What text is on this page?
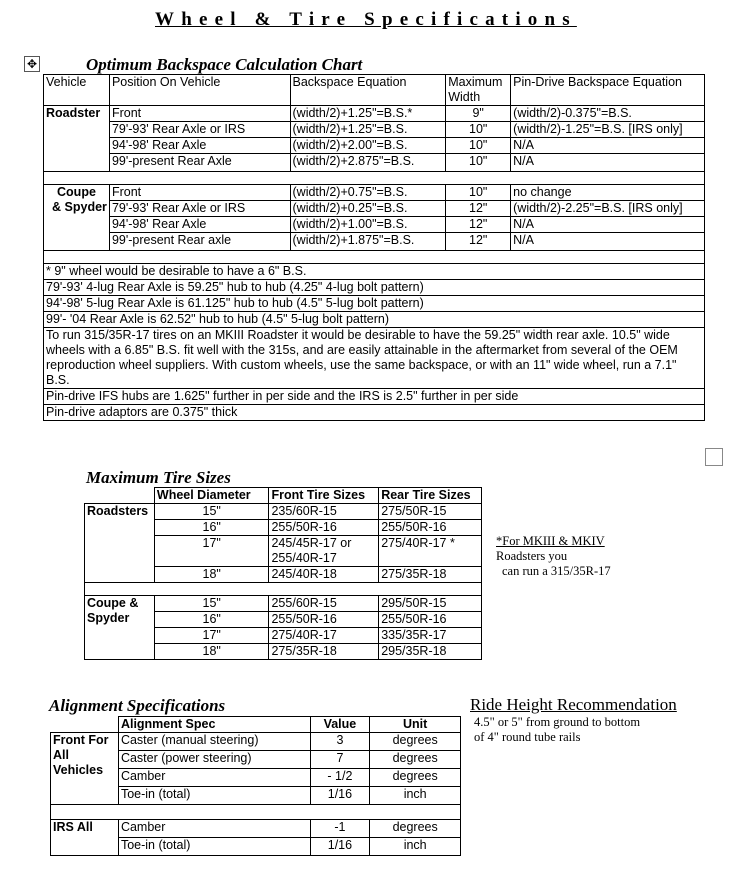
Wheel & Tire Specifications
✥	Optimum Backspace Calculation Chart
Vehicle	Position On Vehicle	Backspace Equation	Maximum Width	Pin-Drive Backspace Equation
Roadster	Front	(width/2)+1.25"=B.S.*	9"	(width/2)-0.375"=B.S.
	79'-93' Rear Axle or IRS	(width/2)+1.25"=B.S.	10"	(width/2)-1.25"=B.S. [IRS only]
	94'-98' Rear Axle	(width/2)+2.00"=B.S.	10"	N/A
	99'-present Rear Axle	(width/2)+2.875"=B.S.	10"	N/A

Coupe
& Spyder	Front	(width/2)+0.75"=B.S.	10"	no change
	79'-93' Rear Axle or IRS	(width/2)+0.25"=B.S.	12"	(width/2)-2.25"=B.S. [IRS only]
	94'-98' Rear Axle	(width/2)+1.00"=B.S.	12"	N/A
	99'-present Rear axle	(width/2)+1.875"=B.S.	12"	N/A

* 9" wheel would be desirable to have a 6" B.S.				
79'-93' 4-lug Rear Axle is 59.25" hub to hub (4.25" 4-lug bolt pattern)				
94'-98' 5-lug Rear Axle is 61.125" hub to hub (4.5" 5-lug bolt pattern)				
99'- '04 Rear Axle is 62.52" hub to hub (4.5" 5-lug bolt pattern)				
To run 315/35R-17 tires on an MKIII Roadster it would be desirable to have the 59.25" width rear axle. 10.5" wide wheels with a 6.85" B.S. fit well with the 315s, and are easily attainable in the aftermarket from several of the OEM reproduction wheel suppliers. With custom wheels, use the same backspace, or with an 11" wide wheel, run a 7.1" B.S.				
Pin-drive IFS hubs are 1.625" further in per side and the IRS is 2.5" further in per side				
Pin-drive adaptors are 0.375" thick				
Maximum Tire Sizes
	Wheel Diameter	Front Tire Sizes	Rear Tire Sizes
Roadsters	15"	235/60R-15	275/50R-15
	16"	255/50R-16	255/50R-16
	17"	245/45R-17 or 255/40R-17	275/40R-17 *
	18"	245/40R-18	275/35R-18

Coupe &
Spyder	15"	255/60R-15	295/50R-15
	16"	255/50R-16	255/50R-16
	17"	275/40R-17	335/35R-17
	18"	275/35R-18	295/35R-18
*For MKIII & MKIV
Roadsters you
can run a 315/35R-17
Alignment Specifications
	Alignment Spec	Value	Unit

Front For
All
Vehicles	Caster (manual steering)	3	degrees
	Caster (power steering)	7	degrees
	Camber	- 1/2	degrees
	Toe-in (total)	1/16	inch

IRS All	Camber	-1	degrees
	Toe-in (total)	1/16	inch
Ride Height Recommendation
4.5" or 5" from ground to bottom
of 4" round tube rails
